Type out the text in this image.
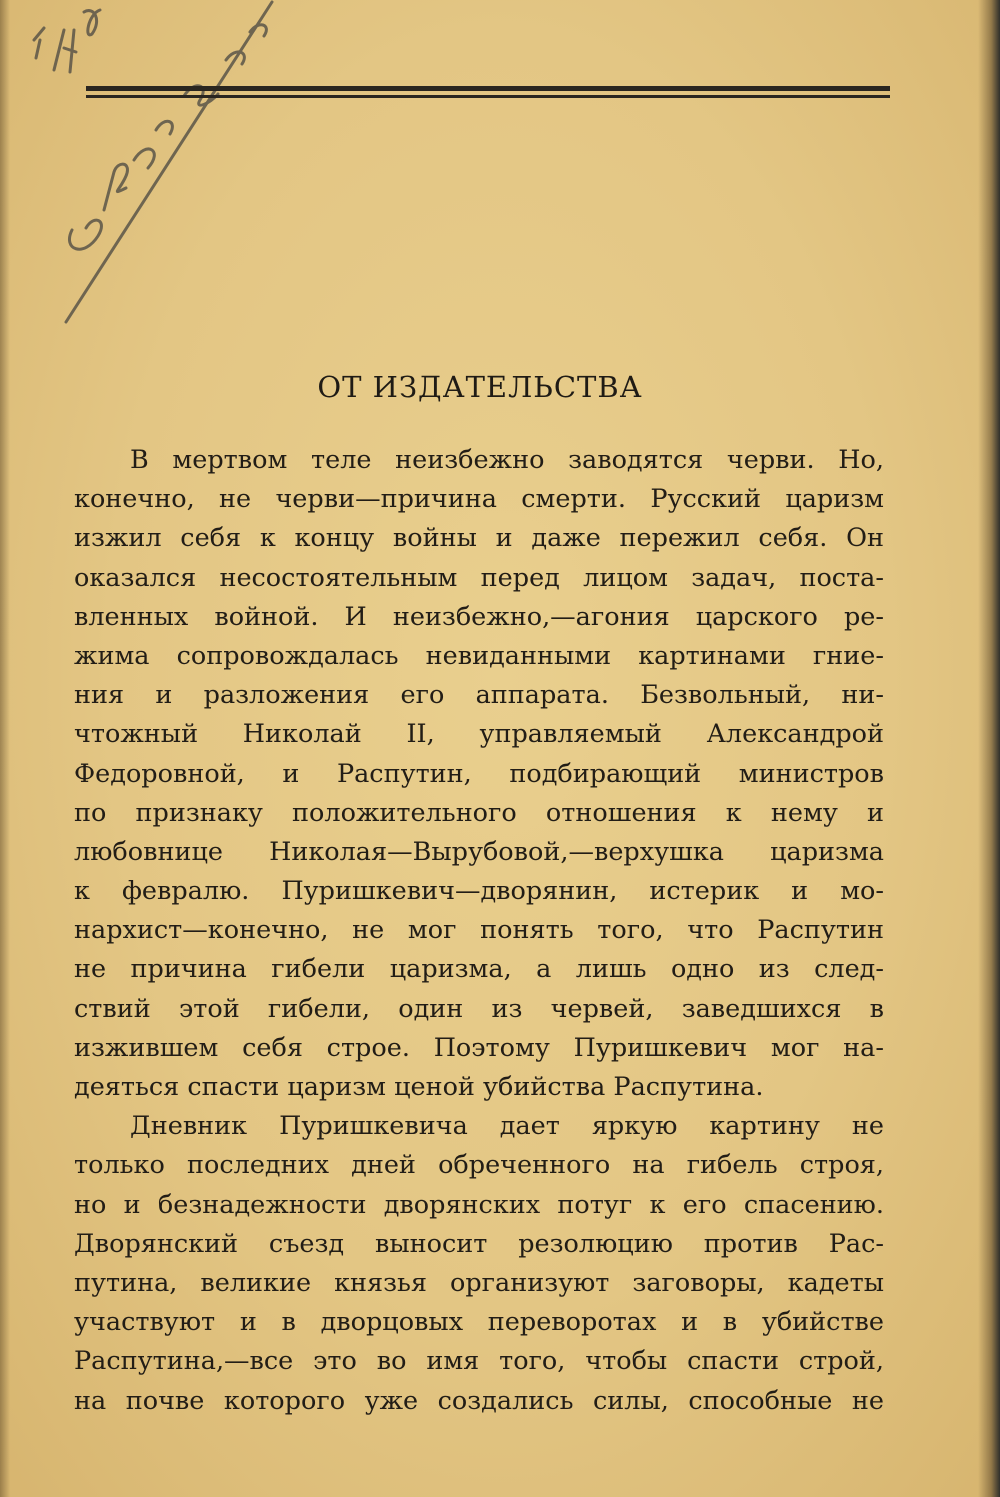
ОТ ИЗДАТЕЛЬСТВА
В мертвом теле неизбежно заводятся черви. Но,
конечно, не черви—причина смерти. Русский царизм
изжил себя к концу войны и даже пережил себя. Он
оказался несостоятельным перед лицом задач, поста-
вленных войной. И неизбежно,—агония царского ре-
жима сопровождалась невиданными картинами гние-
ния и разложения его аппарата. Безвольный, ни-
чтожный Николай II, управляемый Александрой
Федоровной, и Распутин, подбирающий министров
по признаку положительного отношения к нему и
любовнице Николая—Вырубовой,—верхушка царизма
к февралю. Пуришкевич—дворянин, истерик и мо-
нархист—конечно, не мог понять того, что Распутин
не причина гибели царизма, а лишь одно из след-
ствий этой гибели, один из червей, заведшихся в
изжившем себя строе. Поэтому Пуришкевич мог на-
деяться спасти царизм ценой убийства Распутина.
Дневник Пуришкевича дает яркую картину не
только последних дней обреченного на гибель строя,
но и безнадежности дворянских потуг к его спасению.
Дворянский съезд выносит резолюцию против Рас-
путина, великие князья организуют заговоры, кадеты
участвуют и в дворцовых переворотах и в убийстве
Распутина,—все это во имя того, чтобы спасти строй,
на почве которого уже создались силы, способные не
